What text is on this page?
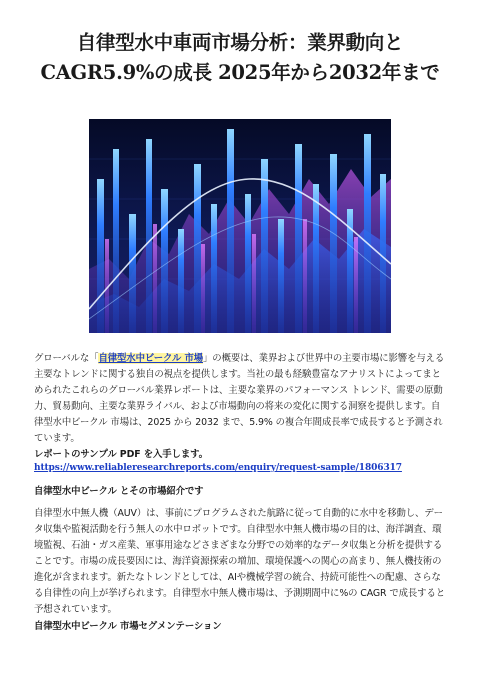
自律型水中車両市場分析：業界動向と
CAGR5.9%の成長 2025年から2032年まで

グローバルな「自律型水中ビークル 市場」の概要は、業界および世界中の主要市場に影響を与える主要なトレンドに関する独自の視点を提供します。当社の最も経験豊富なアナリストによってまとめられたこれらのグローバル業界レポートは、主要な業界のパフォーマンス トレンド、需要の原動力、貿易動向、主要な業界ライバル、および市場動向の将来の変化に関する洞察を提供します。自律型水中ビークル 市場は、2025 から 2032 まで、5.9% の複合年間成長率で成長すると予測されています。

レポートのサンプル PDF を入手します。

https://www.reliableresearchreports.com/enquiry/request-sample/1806317

自律型水中ビークル とその市場紹介です

自律型水中無人機（AUV）は、事前にプログラムされた航路に従って自動的に水中を移動し、データ収集や監視活動を行う無人の水中ロボットです。自律型水中無人機市場の目的は、海洋調査、環境監視、石油・ガス産業、軍事用途などさまざまな分野での効率的なデータ収集と分析を提供することです。市場の成長要因には、海洋資源探索の増加、環境保護への関心の高まり、無人機技術の進化が含まれます。新たなトレンドとしては、AIや機械学習の統合、持続可能性への配慮、さらなる自律性の向上が挙げられます。自律型水中無人機市場は、予測期間中に%の CAGR で成長すると予想されています。

自律型水中ビークル 市場セグメンテーション
